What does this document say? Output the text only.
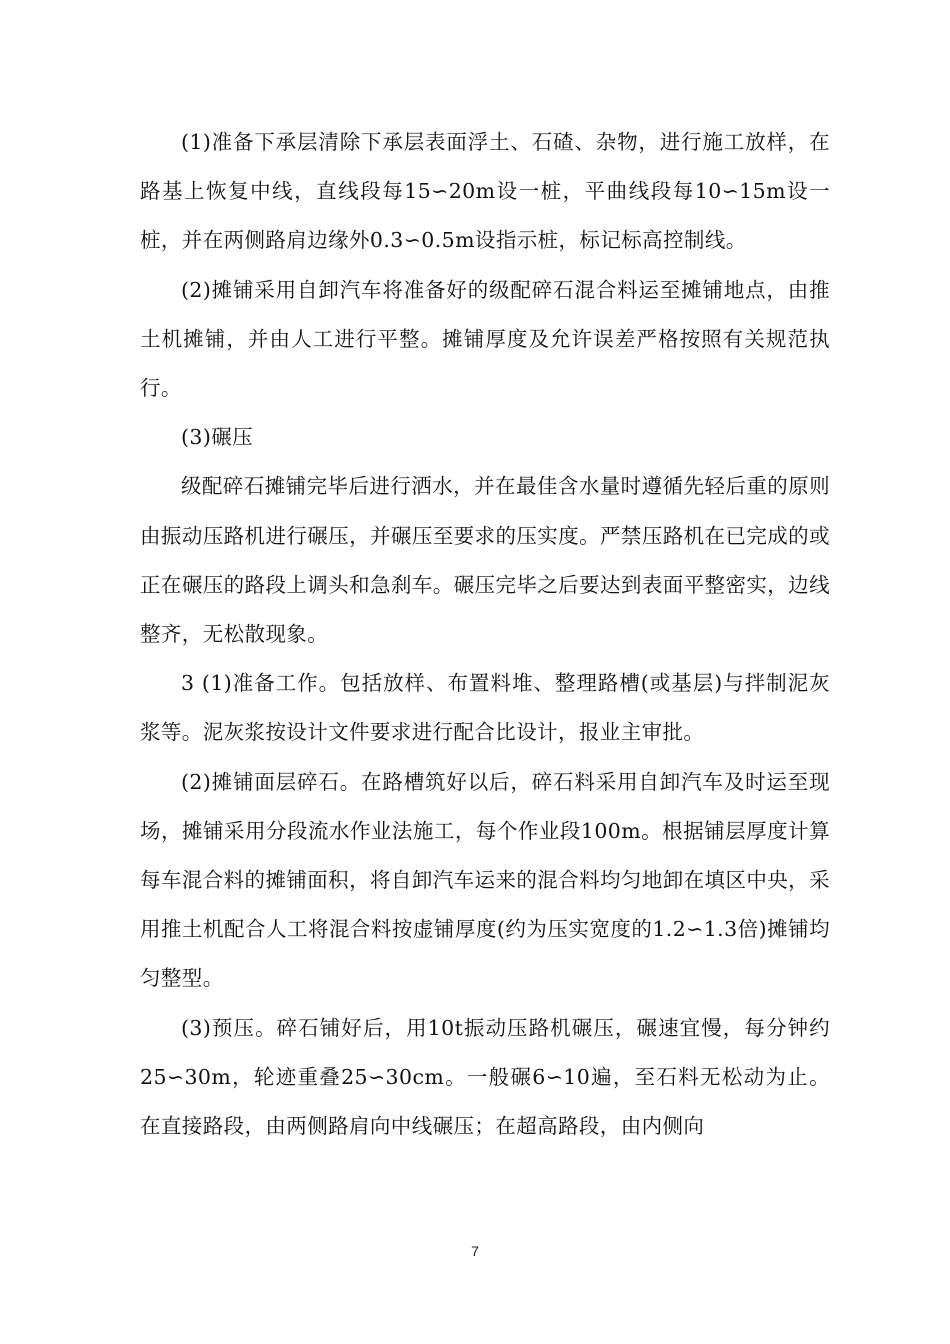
(1)准备下承层清除下承层表面浮土、石碴、杂物，进行施工放样，在路基上恢复中线，直线段每15∽20m设一桩，平曲线段每10∽15m设一桩，并在两侧路肩边缘外0.3∽0.5m设指示桩，标记标高控制线。

(2)摊铺采用自卸汽车将准备好的级配碎石混合料运至摊铺地点，由推土机摊铺，并由人工进行平整。摊铺厚度及允许误差严格按照有关规范执行。

(3)碾压

级配碎石摊铺完毕后进行洒水，并在最佳含水量时遵循先轻后重的原则由振动压路机进行碾压，并碾压至要求的压实度。严禁压路机在已完成的或正在碾压的路段上调头和急刹车。碾压完毕之后要达到表面平整密实，边线整齐，无松散现象。

3 (1)准备工作。包括放样、布置料堆、整理路槽(或基层)与拌制泥灰浆等。泥灰浆按设计文件要求进行配合比设计，报业主审批。

(2)摊铺面层碎石。在路槽筑好以后，碎石料采用自卸汽车及时运至现场，摊铺采用分段流水作业法施工，每个作业段100m。根据铺层厚度计算每车混合料的摊铺面积，将自卸汽车运来的混合料均匀地卸在填区中央，采用推土机配合人工将混合料按虚铺厚度(约为压实宽度的1.2∽1.3倍)摊铺均匀整型。

(3)预压。碎石铺好后，用10t振动压路机碾压，碾速宜慢，每分钟约25∽30m，轮迹重叠25∽30cm。一般碾6∽10遍，至石料无松动为止。在直接路段，由两侧路肩向中线碾压；在超高路段，由内侧向

7
